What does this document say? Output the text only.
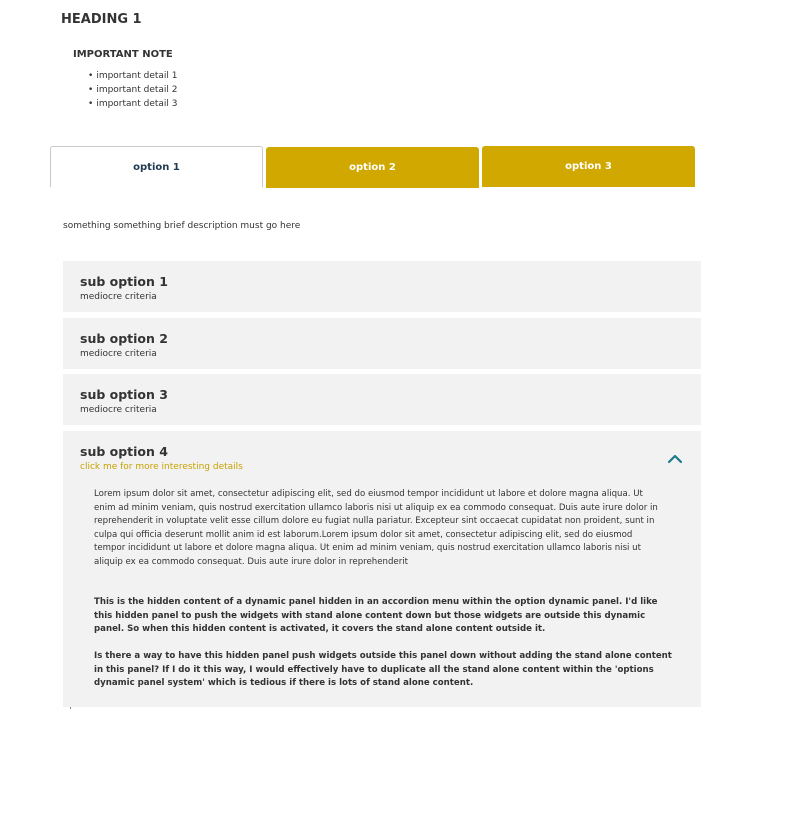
HEADING 1
IMPORTANT NOTE
• important detail 1
• important detail 2
• important detail 3
option 1	option 2	option 3
something something brief description must go here
sub option 1
mediocre criteria
sub option 2
mediocre criteria
sub option 3
mediocre criteria
sub option 4
click me for more interesting details

Lorem ipsum dolor sit amet, consectetur adipiscing elit, sed do eiusmod tempor incididunt ut labore et dolore magna aliqua. Ut enim ad minim veniam, quis nostrud exercitation ullamco laboris nisi ut aliquip ex ea commodo consequat. Duis aute irure dolor in reprehenderit in voluptate velit esse cillum dolore eu fugiat nulla pariatur. Excepteur sint occaecat cupidatat non proident, sunt in culpa qui officia deserunt mollit anim id est laborum.Lorem ipsum dolor sit amet, consectetur adipiscing elit, sed do eiusmod tempor incididunt ut labore et dolore magna aliqua. Ut enim ad minim veniam, quis nostrud exercitation ullamco laboris nisi ut aliquip ex ea commodo consequat. Duis aute irure dolor in reprehenderit

This is the hidden content of a dynamic panel hidden in an accordion menu within the option dynamic panel. I'd like this hidden panel to push the widgets with stand alone content down but those widgets are outside this dynamic panel. So when this hidden content is activated, it covers the stand alone content outside it.

Is there a way to have this hidden panel push widgets outside this panel down without adding the stand alone content in this panel? If I do it this way, I would effectively have to duplicate all the stand alone content within the 'options dynamic panel system' which is tedious if there is lots of stand alone content.
